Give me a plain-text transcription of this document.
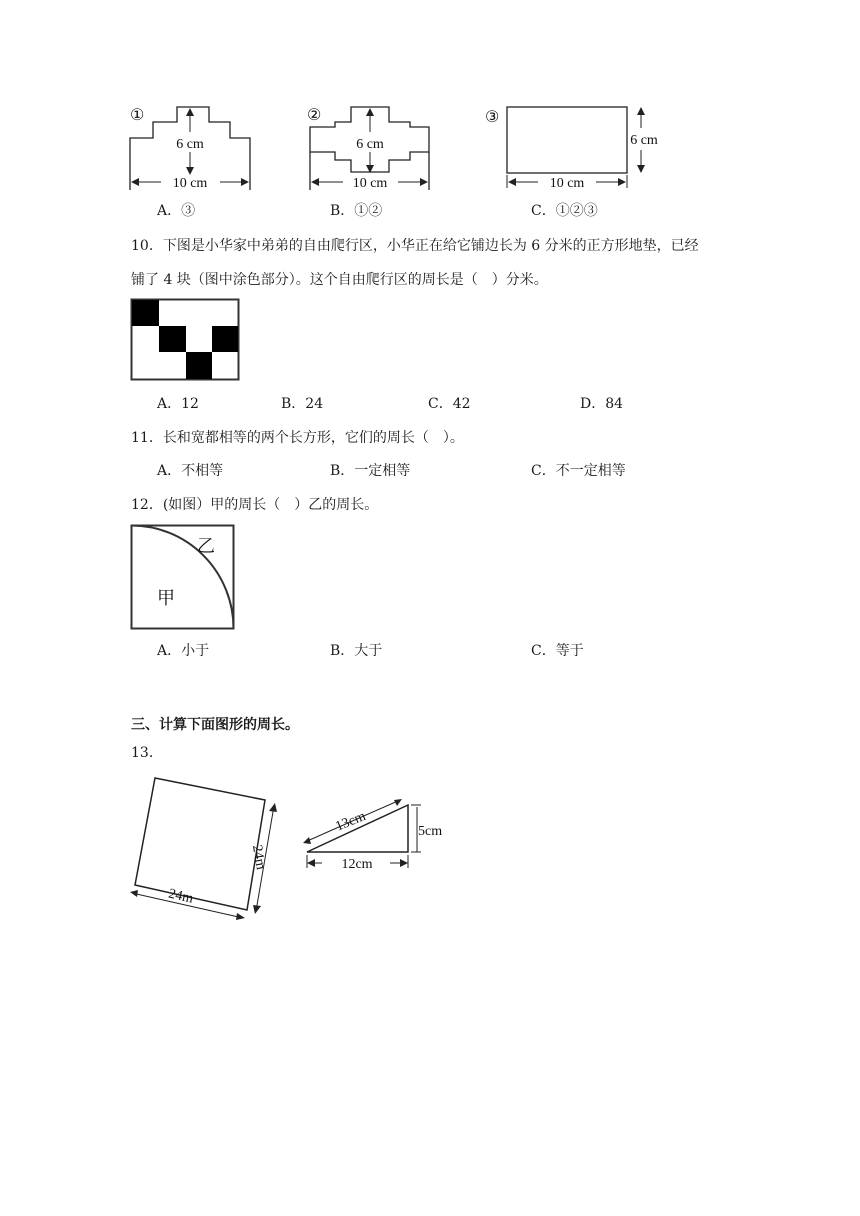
①
6 cm
10 cm
②
6 cm
10 cm
③
6 cm
10 cm
A．③	B．①②	C．①②③
10．下图是小华家中弟弟的自由爬行区，小华正在给它铺边长为 6 分米的正方形地垫，已经
铺了 4 块（图中涂色部分）。这个自由爬行区的周长是（　）分米。
A．12	B．24	C．42	D．84
11．长和宽都相等的两个长方形，它们的周长（　）。
A．不相等	B．一定相等	C．不一定相等
12．(如图）甲的周长（　）乙的周长。
乙
甲
A．小于	B．大于	C．等于
三、计算下面图形的周长。
13．
24m
24m
13cm	5cm
12cm
